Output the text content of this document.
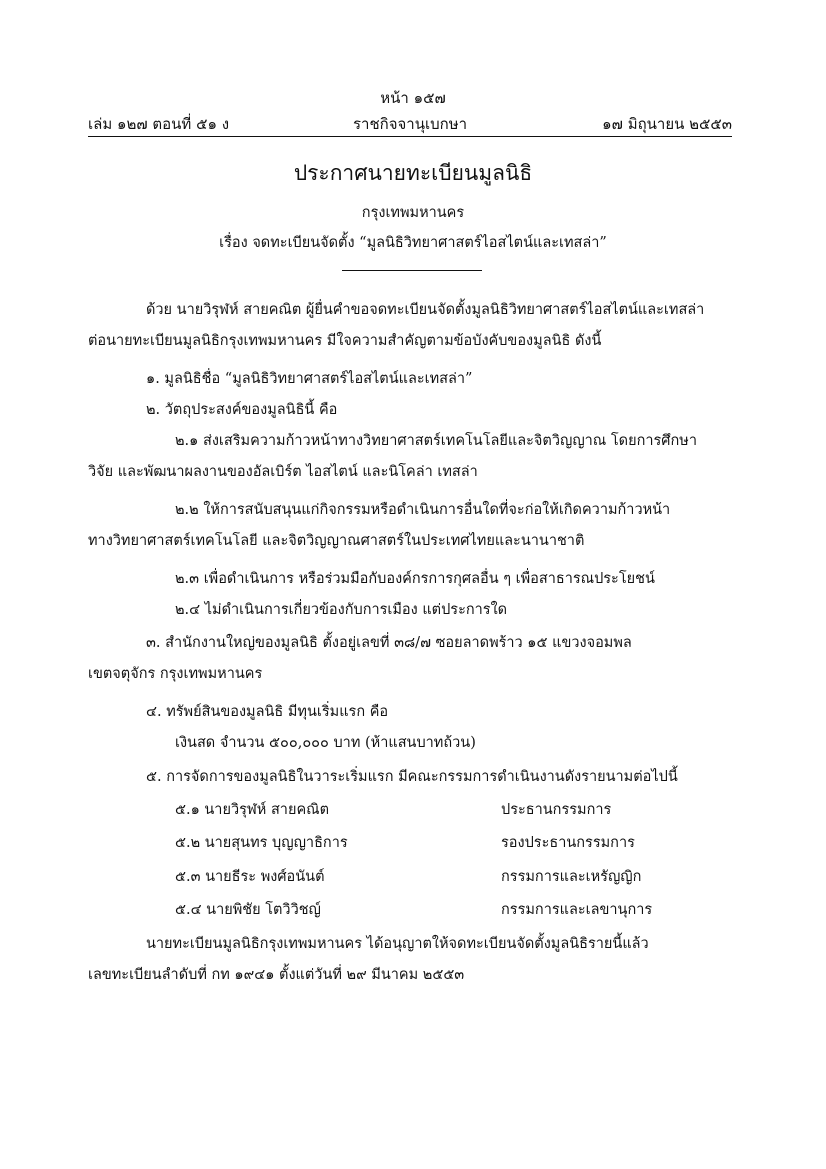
หน้า ๑๕๗
เล่ม ๑๒๗ ตอนที่ ๕๑ ง	ราชกิจจานุเบกษา	๑๗ มิถุนายน ๒๕๕๓
ประกาศนายทะเบียนมูลนิธิ
กรุงเทพมหานคร
เรื่อง จดทะเบียนจัดตั้ง “มูลนิธิวิทยาศาสตร์ไอสไตน์และเทสล่า”
ด้วย นายวิรุฬห์ สายคณิต ผู้ยื่นคำขอจดทะเบียนจัดตั้งมูลนิธิวิทยาศาสตร์ไอสไตน์และเทสล่า
ต่อนายทะเบียนมูลนิธิกรุงเทพมหานคร มีใจความสำคัญตามข้อบังคับของมูลนิธิ ดังนี้
๑. มูลนิธิชื่อ “มูลนิธิวิทยาศาสตร์ไอสไตน์และเทสล่า”
๒. วัตถุประสงค์ของมูลนิธินี้ คือ
๒.๑ ส่งเสริมความก้าวหน้าทางวิทยาศาสตร์เทคโนโลยีและจิตวิญญาณ โดยการศึกษา
วิจัย และพัฒนาผลงานของอัลเบิร์ต ไอสไตน์ และนิโคล่า เทสล่า
๒.๒ ให้การสนับสนุนแก่กิจกรรมหรือดำเนินการอื่นใดที่จะก่อให้เกิดความก้าวหน้า
ทางวิทยาศาสตร์เทคโนโลยี และจิตวิญญาณศาสตร์ในประเทศไทยและนานาชาติ
๒.๓ เพื่อดำเนินการ หรือร่วมมือกับองค์กรการกุศลอื่น ๆ เพื่อสาธารณประโยชน์
๒.๔ ไม่ดำเนินการเกี่ยวข้องกับการเมือง แต่ประการใด
๓. สำนักงานใหญ่ของมูลนิธิ ตั้งอยู่เลขที่ ๓๘/๗ ซอยลาดพร้าว ๑๕ แขวงจอมพล
เขตจตุจักร กรุงเทพมหานคร
๔. ทรัพย์สินของมูลนิธิ มีทุนเริ่มแรก คือ
เงินสด จำนวน ๕๐๐,๐๐๐ บาท (ห้าแสนบาทถ้วน)
๕. การจัดการของมูลนิธิในวาระเริ่มแรก มีคณะกรรมการดำเนินงานดังรายนามต่อไปนี้
๕.๑ นายวิรุฬห์ สายคณิต	ประธานกรรมการ
๕.๒ นายสุนทร บุญญาธิการ	รองประธานกรรมการ
๕.๓ นายธีระ พงศ์อนันต์	กรรมการและเหรัญญิก
๕.๔ นายพิชัย โตวิวิชญ์	กรรมการและเลขานุการ
นายทะเบียนมูลนิธิกรุงเทพมหานคร ได้อนุญาตให้จดทะเบียนจัดตั้งมูลนิธิรายนี้แล้ว
เลขทะเบียนลำดับที่ กท ๑๙๔๑ ตั้งแต่วันที่ ๒๙ มีนาคม ๒๕๕๓
